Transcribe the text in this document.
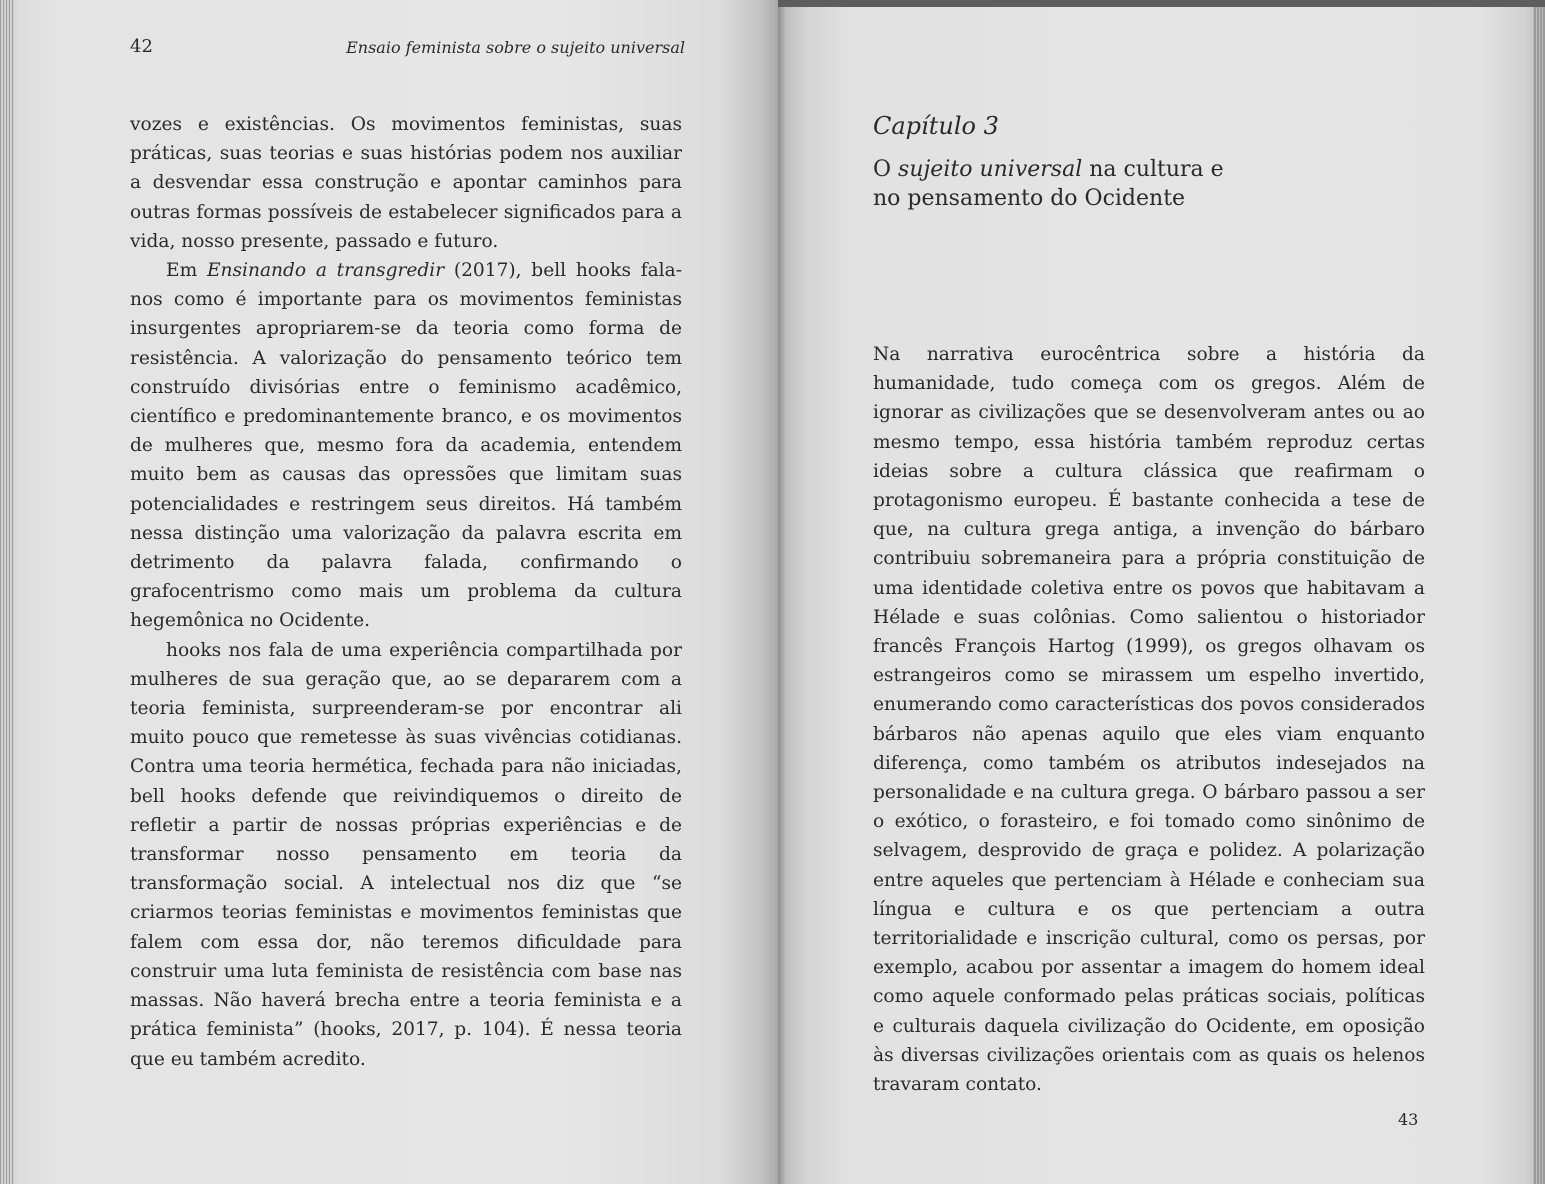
42	Ensaio feminista sobre o sujeito universal

vozes e existências. Os movimentos feministas, suas práticas, suas teorias e suas histórias podem nos auxiliar a desvendar essa construção e apontar caminhos para outras formas possíveis de estabelecer significados para a vida, nosso presente, passado e futuro.

Em Ensinando a transgredir (2017), bell hooks fala-nos como é importante para os movimentos feministas insurgentes apropriarem-se da teoria como forma de resistência. A valorização do pensamento teórico tem construído divisórias entre o feminismo acadêmico, científico e predominantemente branco, e os movimentos de mulheres que, mesmo fora da academia, entendem muito bem as causas das opressões que limitam suas potencialidades e restringem seus direitos. Há também nessa distinção uma valorização da palavra escrita em detrimento da palavra falada, confirmando o grafocentrismo como mais um problema da cultura hegemônica no Ocidente.

hooks nos fala de uma experiência compartilhada por mulheres de sua geração que, ao se depararem com a teoria feminista, surpreenderam-se por encontrar ali muito pouco que remetesse às suas vivências cotidianas. Contra uma teoria hermética, fechada para não iniciadas, bell hooks defende que reivindiquemos o direito de refletir a partir de nossas próprias experiências e de transformar nosso pensamento em teoria da transformação social. A intelectual nos diz que “se criarmos teorias feministas e movimentos feministas que falem com essa dor, não teremos dificuldade para construir uma luta feminista de resistência com base nas massas. Não haverá brecha entre a teoria feminista e a prática feminista” (hooks, 2017, p. 104). É nessa teoria que eu também acredito.

Capítulo 3
O sujeito universal na cultura e
no pensamento do Ocidente

Na narrativa eurocêntrica sobre a história da humanidade, tudo começa com os gregos. Além de ignorar as civilizações que se desenvolveram antes ou ao mesmo tempo, essa história também reproduz certas ideias sobre a cultura clássica que reafirmam o protagonismo europeu. É bastante conhecida a tese de que, na cultura grega antiga, a invenção do bárbaro contribuiu sobremaneira para a própria constituição de uma identidade coletiva entre os povos que habitavam a Hélade e suas colônias. Como salientou o historiador francês François Hartog (1999), os gregos olhavam os estrangeiros como se mirassem um espelho invertido, enumerando como características dos povos considerados bárbaros não apenas aquilo que eles viam enquanto diferença, como também os atributos indesejados na personalidade e na cultura grega. O bárbaro passou a ser o exótico, o forasteiro, e foi tomado como sinônimo de selvagem, desprovido de graça e polidez. A polarização entre aqueles que pertenciam à Hélade e conheciam sua língua e cultura e os que pertenciam a outra territorialidade e inscrição cultural, como os persas, por exemplo, acabou por assentar a imagem do homem ideal como aquele conformado pelas práticas sociais, políticas e culturais daquela civilização do Ocidente, em oposição às diversas civilizações orientais com as quais os helenos travaram contato.

43
